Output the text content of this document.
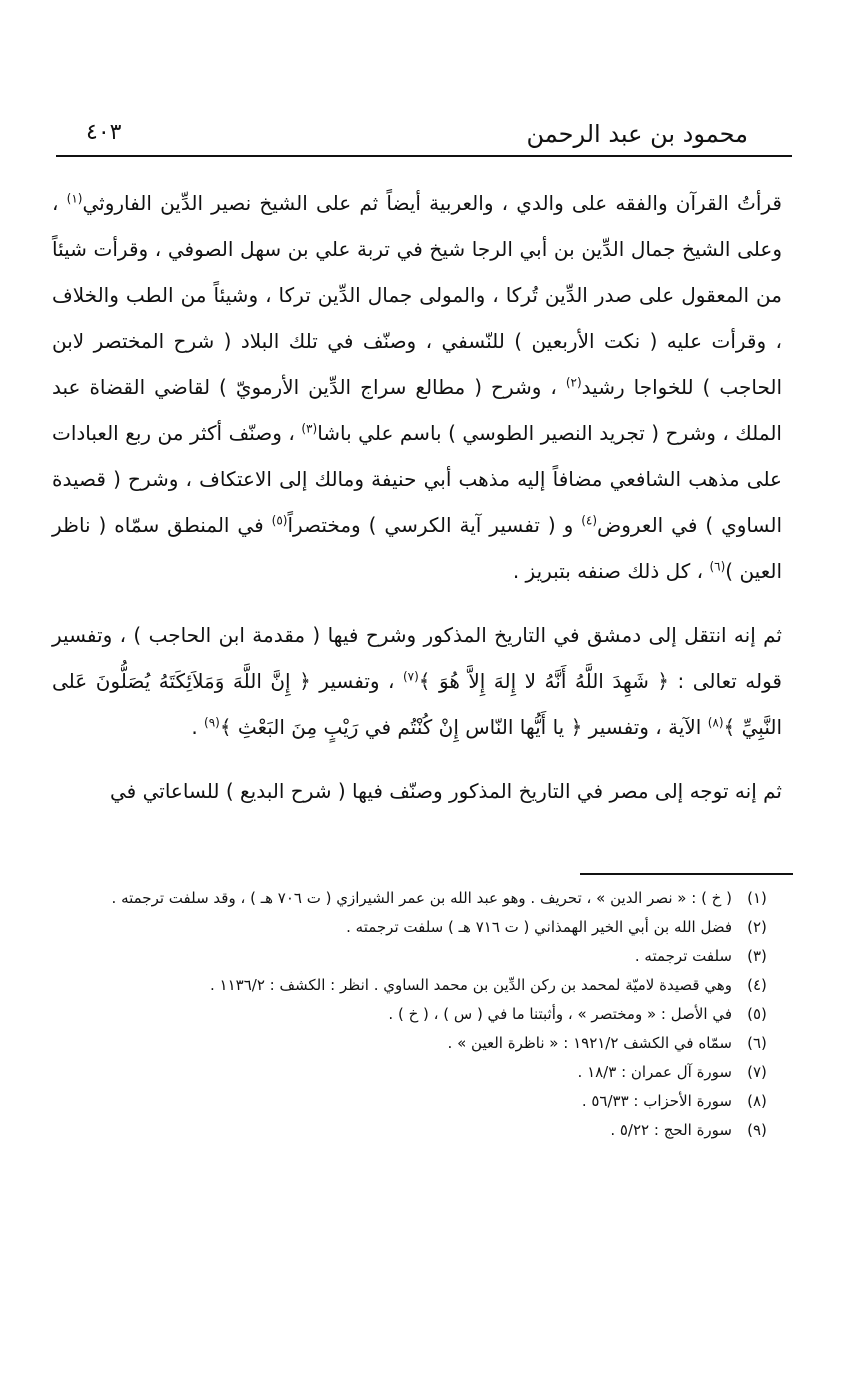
محمود بن عبد الرحمن
٤٠٣

قرأتُ القرآن والفقه على والدي ، والعربية أيضاً ثم على الشيخ نصير الدِّين الفاروثي$^{(١)}$ ، وعلى الشيخ جمال الدِّين بن أبي الرجا شيخ في تربة علي بن سهل الصوفي ، وقرأت شيئاً من المعقول على صدر الدِّين تُركا ، والمولى جمال الدِّين تركا ، وشيئاً من الطب والخلاف ، وقرأت عليه ( نكت الأربعين ) للنّسفي ، وصنّف في تلك البلاد ( شرح المختصر لابن الحاجب ) للخواجا رشيد$^{(٢)}$ ، وشرح ( مطالع سراج الدِّين الأرمويّ ) لقاضي القضاة عبد الملك ، وشرح ( تجريد النصير الطوسي ) باسم علي باشا$^{(٣)}$ ، وصنّف أكثر من ربع العبادات على مذهب الشافعي مضافاً إليه مذهب أبي حنيفة ومالك إلى الاعتكاف ، وشرح ( قصيدة الساوي ) في العروض$^{(٤)}$ و ( تفسير آية الكرسي ) ومختصراً$^{(٥)}$ في المنطق سمّاه ( ناظر العين )$^{(٦)}$ ، كل ذلك صنفه بتبريز .

ثم إنه انتقل إلى دمشق في التاريخ المذكور وشرح فيها ( مقدمة ابن الحاجب ) ، وتفسير قوله تعالى : ﴿ شَهِدَ اللَّهُ أَنَّهُ لا إِلهَ إِلاَّ هُوَ ﴾$^{(٧)}$ ، وتفسير ﴿ إِنَّ اللَّهَ وَمَلاَئِكَتَهُ يُصَلُّونَ عَلى النَّبِيِّ ﴾$^{(٨)}$ الآية ، وتفسير ﴿ يا أَيُّها النّاس إِنْ كُنْتُم في رَيْبٍ مِنَ البَعْثِ ﴾$^{(٩)}$ .

ثم إنه توجه إلى مصر في التاريخ المذكور وصنّف فيها ( شرح البديع ) للساعاتي في

(١)
( خ ) : « نصر الدين » ، تحريف . وهو عبد الله بن عمر الشيرازي ( ت ٧٠٦ هـ ) ، وقد سلفت ترجمته .
(٢)
فضل الله بن أبي الخير الهمذاني ( ت ٧١٦ هـ ) سلفت ترجمته .
(٣)
سلفت ترجمته .
(٤)
وهي قصيدة لاميّة لمحمد بن ركن الدِّين بن محمد الساوي . انظر : الكشف : ١١٣٦/٢ .
(٥)
في الأصل : « ومختصر » ، وأثبتنا ما في ( س ) ، ( خ ) .
(٦)
سمّاه في الكشف ١٩٢١/٢ : « ناظرة العين » .
(٧)
سورة آل عمران : ١٨/٣ .
(٨)
سورة الأحزاب : ٥٦/٣٣ .
(٩)
سورة الحج : ٥/٢٢ .
